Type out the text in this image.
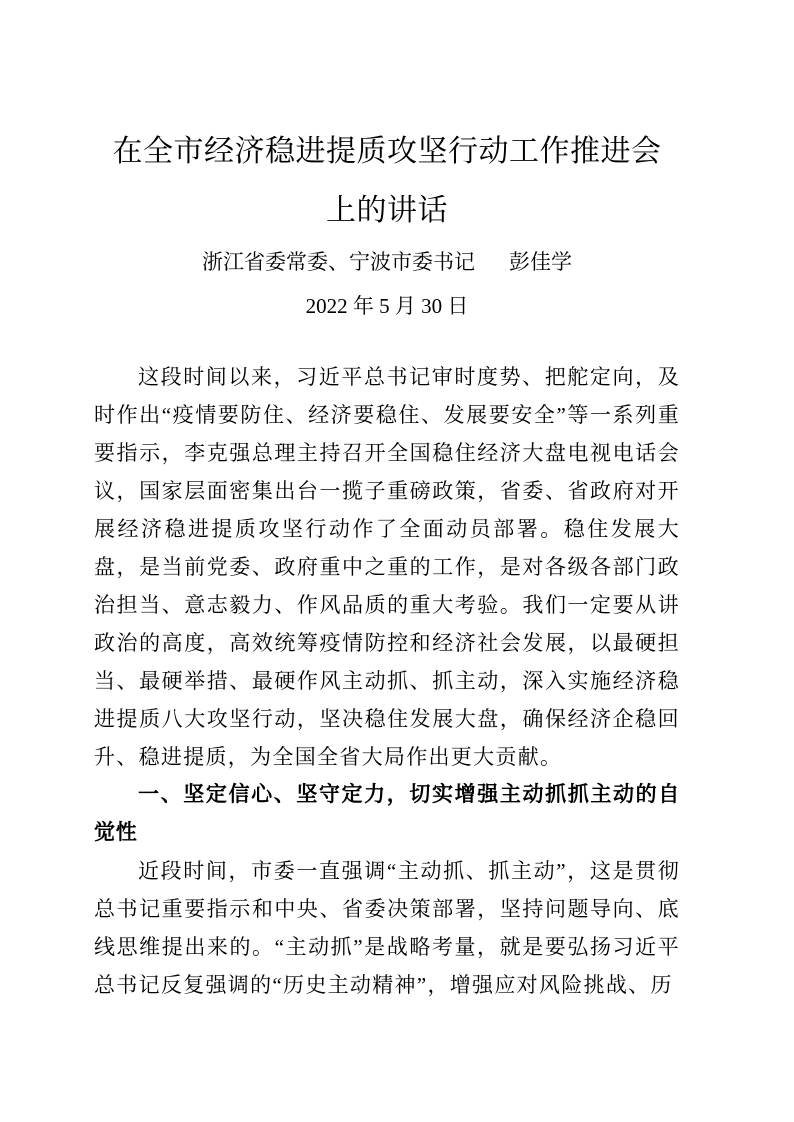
在全市经济稳进提质攻坚行动工作推进会上的讲话
浙江省委常委、宁波市委书记 彭佳学
2022 年 5 月 30 日

这段时间以来，习近平总书记审时度势、把舵定向，及时作出“疫情要防住、经济要稳住、发展要安全”等一系列重要指示，李克强总理主持召开全国稳住经济大盘电视电话会议，国家层面密集出台一揽子重磅政策，省委、省政府对开展经济稳进提质攻坚行动作了全面动员部署。稳住发展大盘，是当前党委、政府重中之重的工作，是对各级各部门政治担当、意志毅力、作风品质的重大考验。我们一定要从讲政治的高度，高效统筹疫情防控和经济社会发展，以最硬担当、最硬举措、最硬作风主动抓、抓主动，深入实施经济稳进提质八大攻坚行动，坚决稳住发展大盘，确保经济企稳回升、稳进提质，为全国全省大局作出更大贡献。

一、坚定信心、坚守定力，切实增强主动抓抓主动的自觉性

近段时间，市委一直强调“主动抓、抓主动”，这是贯彻总书记重要指示和中央、省委决策部署，坚持问题导向、底线思维提出来的。“主动抓”是战略考量，就是要弘扬习近平总书记反复强调的“历史主动精神”，增强应对风险挑战、历
